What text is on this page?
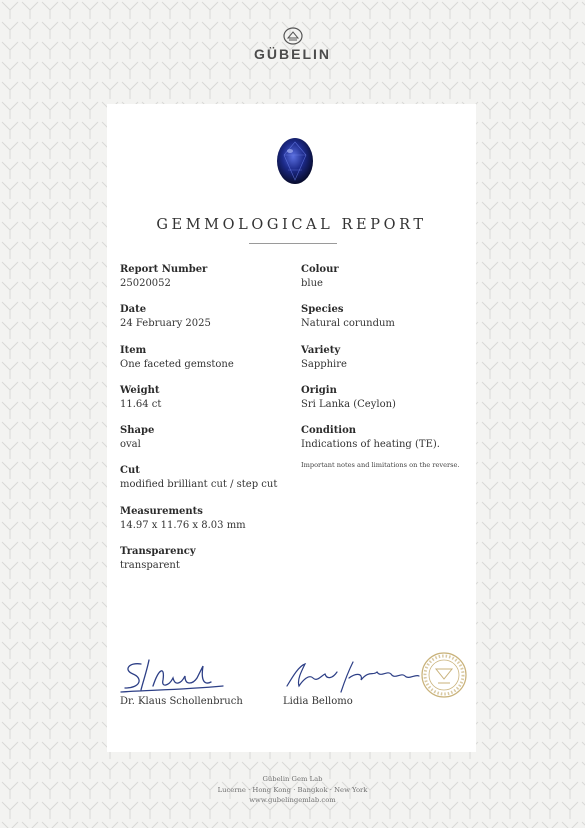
GÜBELIN
GEMMOLOGICAL REPORT
Report Number
25020052
Date
24 February 2025
Item
One faceted gemstone
Weight
11.64 ct
Shape
oval
Cut
modified brilliant cut / step cut
Measurements
14.97 x 11.76 x 8.03 mm
Transparency
transparent
Colour
blue
Species
Natural corundum
Variety
Sapphire
Origin
Sri Lanka (Ceylon)
Condition
Indications of heating (TE).
Important notes and limitations on the reverse.
Dr. Klaus Schollenbruch	Lidia Bellomo
Gübelin Gem Lab
Lucerne · Hong Kong · Bangkok · New York
www.gubelingemlab.com
